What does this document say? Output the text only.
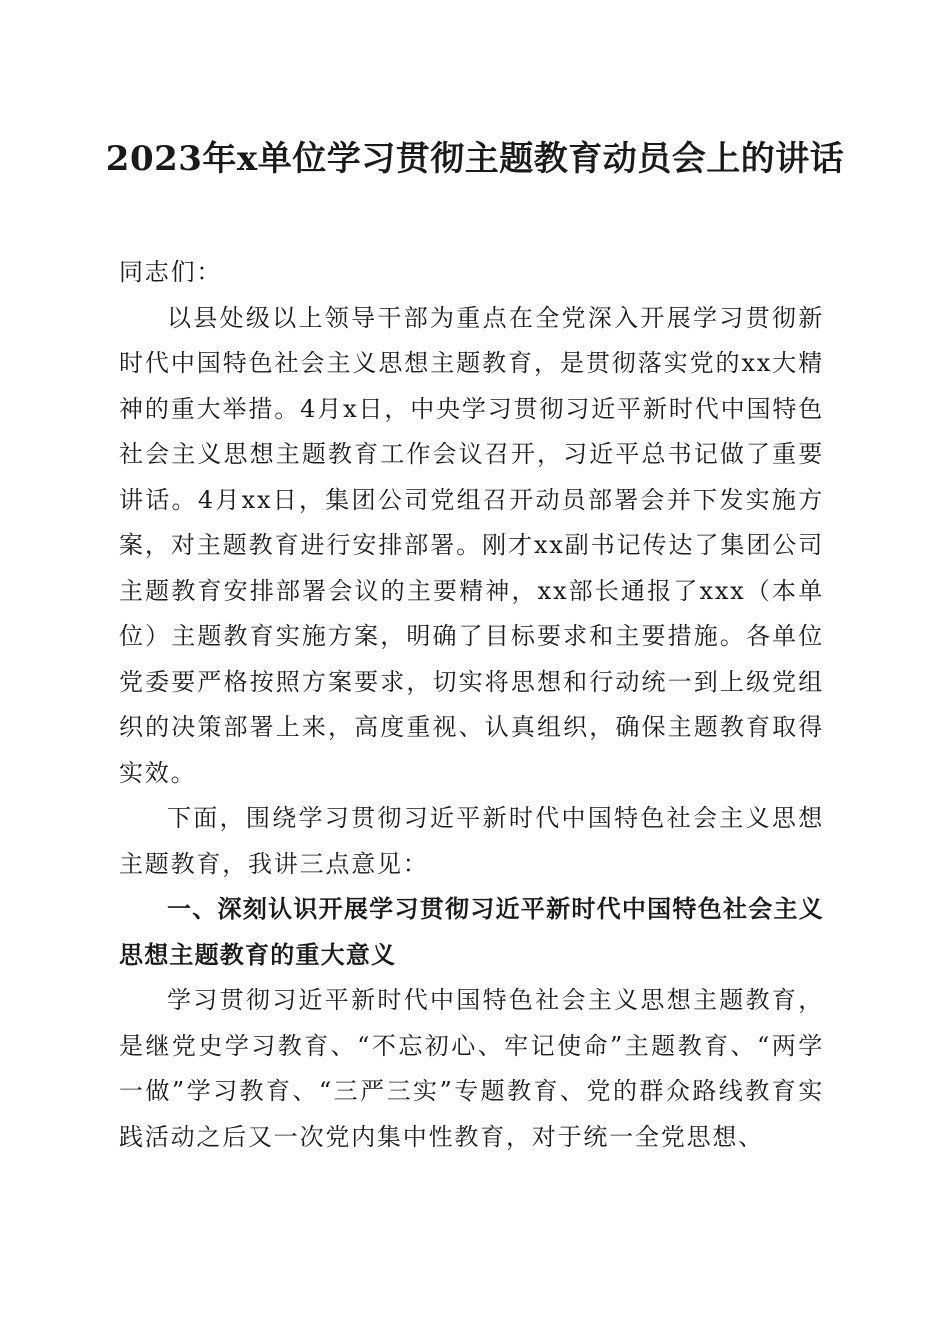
2023年x单位学习贯彻主题教育动员会上的讲话

同志们：

以县处级以上领导干部为重点在全党深入开展学习贯彻新时代中国特色社会主义思想主题教育，是贯彻落实党的xx大精神的重大举措。4月x日，中央学习贯彻习近平新时代中国特色社会主义思想主题教育工作会议召开，习近平总书记做了重要讲话。4月xx日，集团公司党组召开动员部署会并下发实施方案，对主题教育进行安排部署。刚才xx副书记传达了集团公司主题教育安排部署会议的主要精神，xx部长通报了xxx（本单位）主题教育实施方案，明确了目标要求和主要措施。各单位党委要严格按照方案要求，切实将思想和行动统一到上级党组织的决策部署上来，高度重视、认真组织，确保主题教育取得实效。

下面，围绕学习贯彻习近平新时代中国特色社会主义思想主题教育，我讲三点意见：

一、深刻认识开展学习贯彻习近平新时代中国特色社会主义思想主题教育的重大意义

学习贯彻习近平新时代中国特色社会主义思想主题教育，是继党史学习教育、“不忘初心、牢记使命”主题教育、“两学一做”学习教育、“三严三实”专题教育、党的群众路线教育实践活动之后又一次党内集中性教育，对于统一全党思想、
